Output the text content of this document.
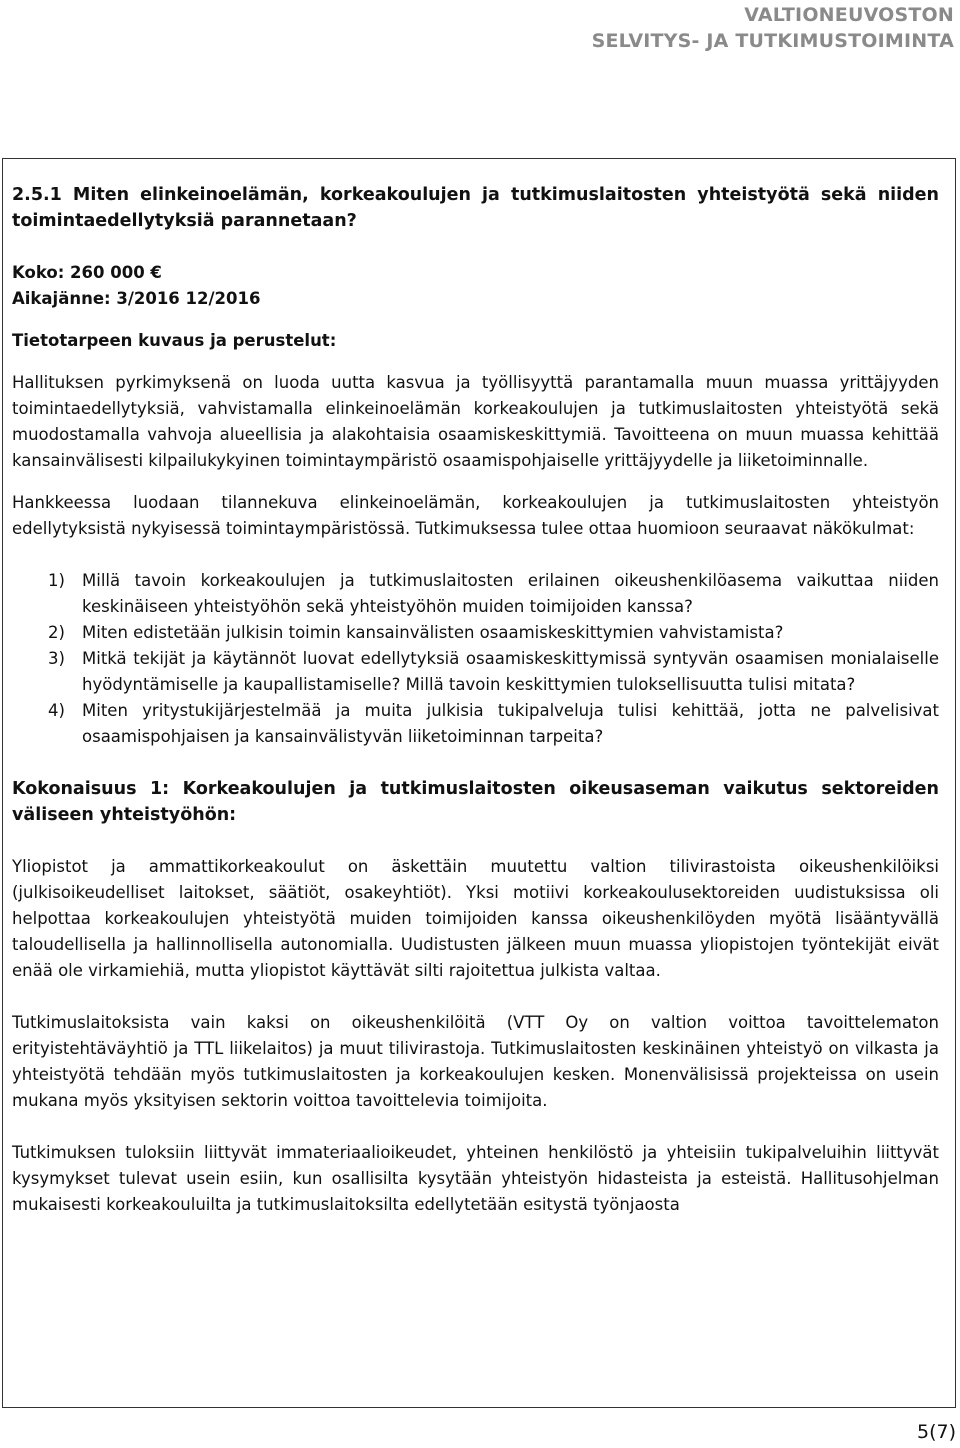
VALTIONEUVOSTON
SELVITYS- JA TUTKIMUSTOIMINTA

2.5.1 Miten elinkeinoelämän, korkeakoulujen ja tutkimuslaitosten yhteistyötä sekä niiden toimintaedellytyksiä parannetaan?

Koko: 260 000 €

Aikajänne: 3/2016 12/2016

Tietotarpeen kuvaus ja perustelut:

Hallituksen pyrkimyksenä on luoda uutta kasvua ja työllisyyttä parantamalla muun muassa yrittäjyyden toimintaedellytyksiä, vahvistamalla elinkeinoelämän korkeakoulujen ja tutkimuslaitosten yhteistyötä sekä muodostamalla vahvoja alueellisia ja alakohtaisia osaamiskeskittymiä. Tavoitteena on muun muassa kehittää kansainvälisesti kilpailukykyinen toimintaympäristö osaamispohjaiselle yrittäjyydelle ja liiketoiminnalle.

Hankkeessa luodaan tilannekuva elinkeinoelämän, korkeakoulujen ja tutkimuslaitosten yhteistyön edellytyksistä nykyisessä toimintaympäristössä. Tutkimuksessa tulee ottaa huomioon seuraavat näkökulmat:

1) Millä tavoin korkeakoulujen ja tutkimuslaitosten erilainen oikeushenkilöasema vaikuttaa niiden keskinäiseen yhteistyöhön sekä yhteistyöhön muiden toimijoiden kanssa?
2) Miten edistetään julkisin toimin kansainvälisten osaamiskeskittymien vahvistamista?
3) Mitkä tekijät ja käytännöt luovat edellytyksiä osaamiskeskittymissä syntyvän osaamisen monialaiselle hyödyntämiselle ja kaupallistamiselle? Millä tavoin keskittymien tuloksellisuutta tulisi mitata?
4) Miten yritystukijärjestelmää ja muita julkisia tukipalveluja tulisi kehittää, jotta ne palvelisivat osaamispohjaisen ja kansainvälistyvän liiketoiminnan tarpeita?

Kokonaisuus 1: Korkeakoulujen ja tutkimuslaitosten oikeusaseman vaikutus sektoreiden väliseen yhteistyöhön:

Yliopistot ja ammattikorkeakoulut on äskettäin muutettu valtion tilivirastoista oikeushenkilöiksi (julkisoikeudelliset laitokset, säätiöt, osakeyhtiöt). Yksi motiivi korkeakoulusektoreiden uudistuksissa oli helpottaa korkeakoulujen yhteistyötä muiden toimijoiden kanssa oikeushenkilöyden myötä lisääntyvällä taloudellisella ja hallinnollisella autonomialla. Uudistusten jälkeen muun muassa yliopistojen työntekijät eivät enää ole virkamiehiä, mutta yliopistot käyttävät silti rajoitettua julkista valtaa.

Tutkimuslaitoksista vain kaksi on oikeushenkilöitä (VTT Oy on valtion voittoa tavoittelematon erityistehtäväyhtiö ja TTL liikelaitos) ja muut tilivirastoja. Tutkimuslaitosten keskinäinen yhteistyö on vilkasta ja yhteistyötä tehdään myös tutkimuslaitosten ja korkeakoulujen kesken. Monenvälisissä projekteissa on usein mukana myös yksityisen sektorin voittoa tavoittelevia toimijoita.

Tutkimuksen tuloksiin liittyvät immateriaalioikeudet, yhteinen henkilöstö ja yhteisiin tukipalveluihin liittyvät kysymykset tulevat usein esiin, kun osallisilta kysytään yhteistyön hidasteista ja esteistä. Hallitusohjelman mukaisesti korkeakouluilta ja tutkimuslaitoksilta edellytetään esitystä työnjaosta

5(7)
